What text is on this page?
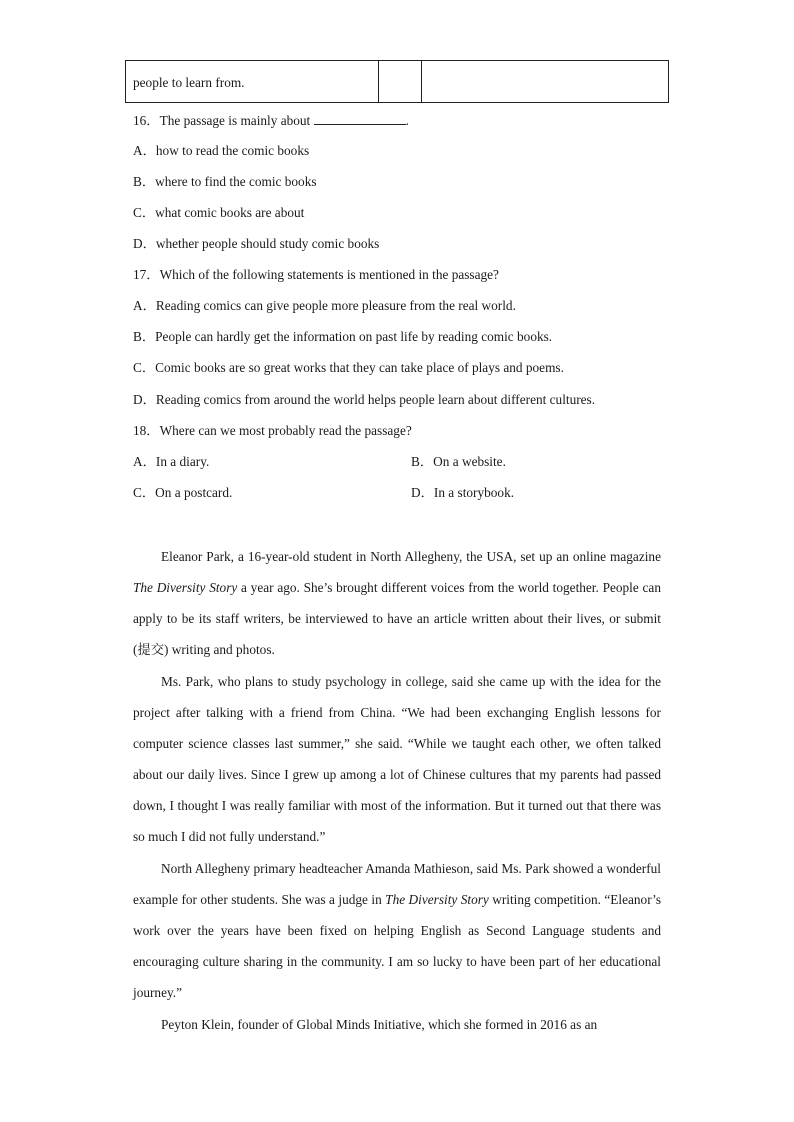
people to learn from.
16．The passage is mainly about	.
A．how to read the comic books
B．where to find the comic books
C．what comic books are about
D．whether people should study comic books
17．Which of the following statements is mentioned in the passage?
A．Reading comics can give people more pleasure from the real world.
B．People can hardly get the information on past life by reading comic books.
C．Comic books are so great works that they can take place of plays and poems.
D．Reading comics from around the world helps people learn about different cultures.
18．Where can we most probably read the passage?
A．In a diary.	B．On a website.
C．On a postcard.	D．In a storybook.

Eleanor Park, a 16-year-old student in North Allegheny, the USA, set up an online magazine The Diversity Story a year ago. She’s brought different voices from the world together. People can apply to be its staff writers, be interviewed to have an article written about their lives, or submit (提交) writing and photos.

Ms. Park, who plans to study psychology in college, said she came up with the idea for the project after talking with a friend from China. “We had been exchanging English lessons for computer science classes last summer,” she said. “While we taught each other, we often talked about our daily lives. Since I grew up among a lot of Chinese cultures that my parents had passed down, I thought I was really familiar with most of the information. But it turned out that there was so much I did not fully understand.”

North Allegheny primary headteacher Amanda Mathieson, said Ms. Park showed a wonderful example for other students. She was a judge in The Diversity Story writing competition. “Eleanor’s work over the years have been fixed on helping English as Second Language students and encouraging culture sharing in the community. I am so lucky to have been part of her educational journey.”

Peyton Klein, founder of Global Minds Initiative, which she formed in 2016 as an
